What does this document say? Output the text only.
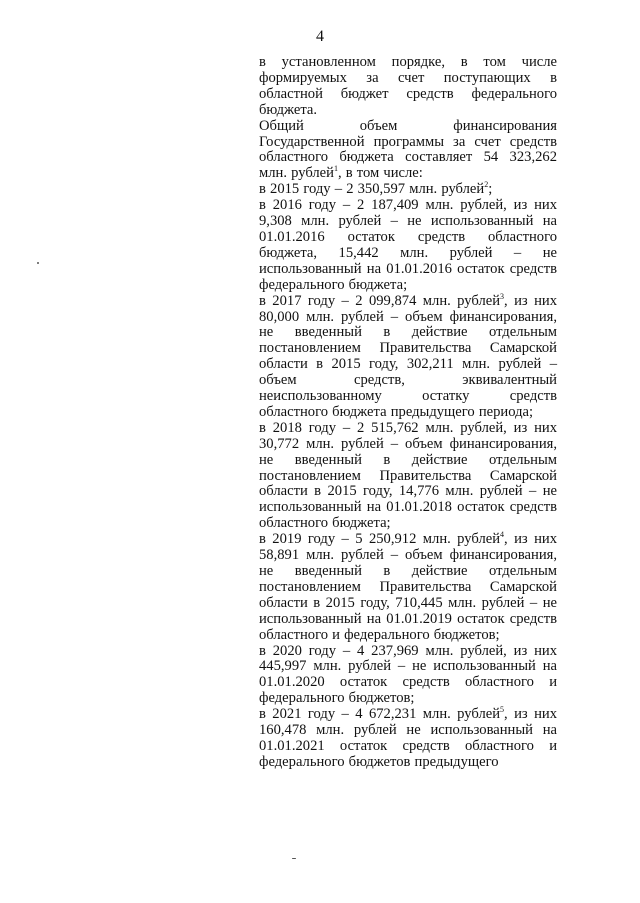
4

в установленном порядке, в том числе формируемых за счет поступающих в областной бюджет средств федерального бюджета.

Общий объем финансирования Государственной программы за счет средств областного бюджета составляет 54 323,262 млн. рублей$^1$, в том числе:

в 2015 году – 2 350,597 млн. рублей$^2$;

в 2016 году – 2 187,409 млн. рублей, из них 9,308 млн. рублей – не использованный на 01.01.2016 остаток средств областного бюджета, 15,442 млн. рублей – не использованный на 01.01.2016 остаток средств федерального бюджета;

в 2017 году – 2 099,874 млн. рублей$^3$, из них 80,000 млн. рублей – объем финансирования, не введенный в действие отдельным постановлением Правительства Самарской области в 2015 году, 302,211 млн. рублей – объем средств, эквивалентный неиспользованному остатку средств областного бюджета предыдущего периода;

в 2018 году – 2 515,762 млн. рублей, из них 30,772 млн. рублей – объем финансирования, не введенный в действие отдельным постановлением Правительства Самарской области в 2015 году, 14,776 млн. рублей – не использованный на 01.01.2018 остаток средств областного бюджета;

в 2019 году – 5 250,912 млн. рублей$^4$, из них 58,891 млн. рублей – объем финансирования, не введенный в действие отдельным постановлением Правительства Самарской области в 2015 году, 710,445 млн. рублей – не использованный на 01.01.2019 остаток средств областного и федерального бюджетов;

в 2020 году – 4 237,969 млн. рублей, из них 445,997 млн. рублей – не использованный на 01.01.2020 остаток средств областного и федерального бюджетов;

в 2021 году – 4 672,231 млн. рублей$^5$, из них 160,478 млн. рублей не использованный на 01.01.2021 остаток средств областного и федерального бюджетов предыдущего
